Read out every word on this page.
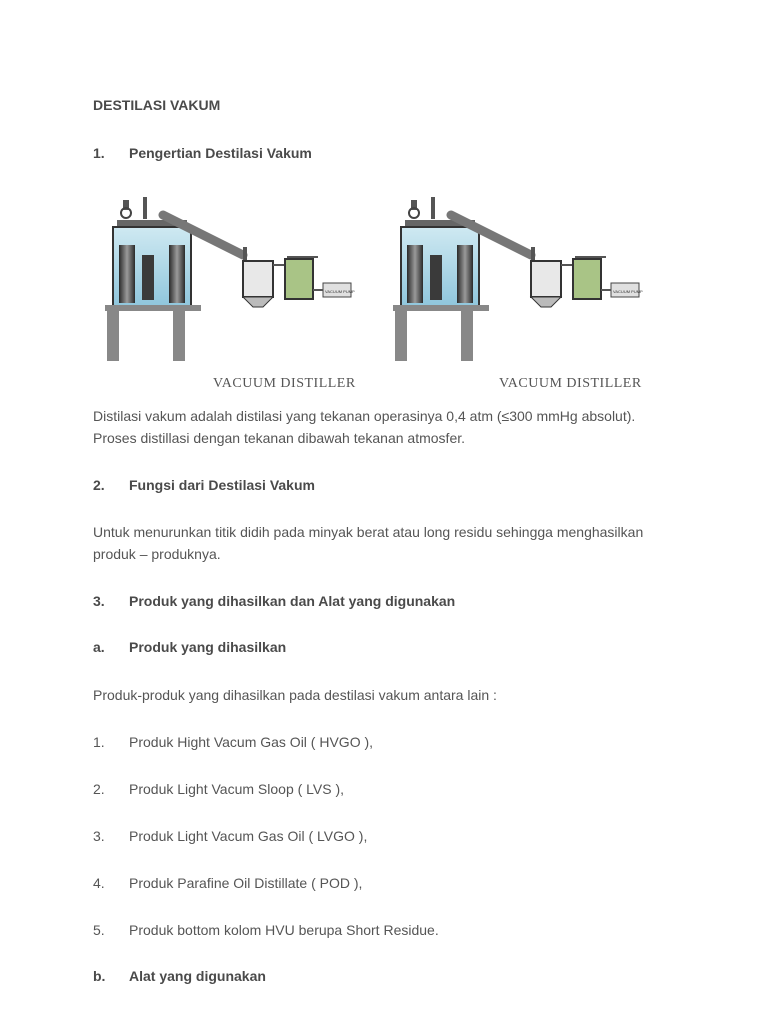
DESTILASI VAKUM
1. Pengertian Destilasi Vakum
VACUUM PUMP
VACUUM DISTILLER
VACUUM PUMP
VACUUM DISTILLER
Distilasi vakum adalah distilasi yang tekanan operasinya 0,4 atm (≤300 mmHg absolut). Proses distillasi dengan tekanan dibawah tekanan atmosfer.
2. Fungsi dari Destilasi Vakum
Untuk menurunkan titik didih pada minyak berat atau long residu sehingga menghasilkan produk – produknya.
3. Produk yang dihasilkan dan Alat yang digunakan
a. Produk yang dihasilkan
Produk-produk yang dihasilkan pada destilasi vakum antara lain :
1. Produk Hight Vacum Gas Oil ( HVGO ),
2. Produk Light Vacum Sloop ( LVS ),
3. Produk Light Vacum Gas Oil ( LVGO ),
4. Produk Parafine Oil Distillate ( POD ),
5. Produk bottom kolom HVU berupa Short Residue.
b. Alat yang digunakan
